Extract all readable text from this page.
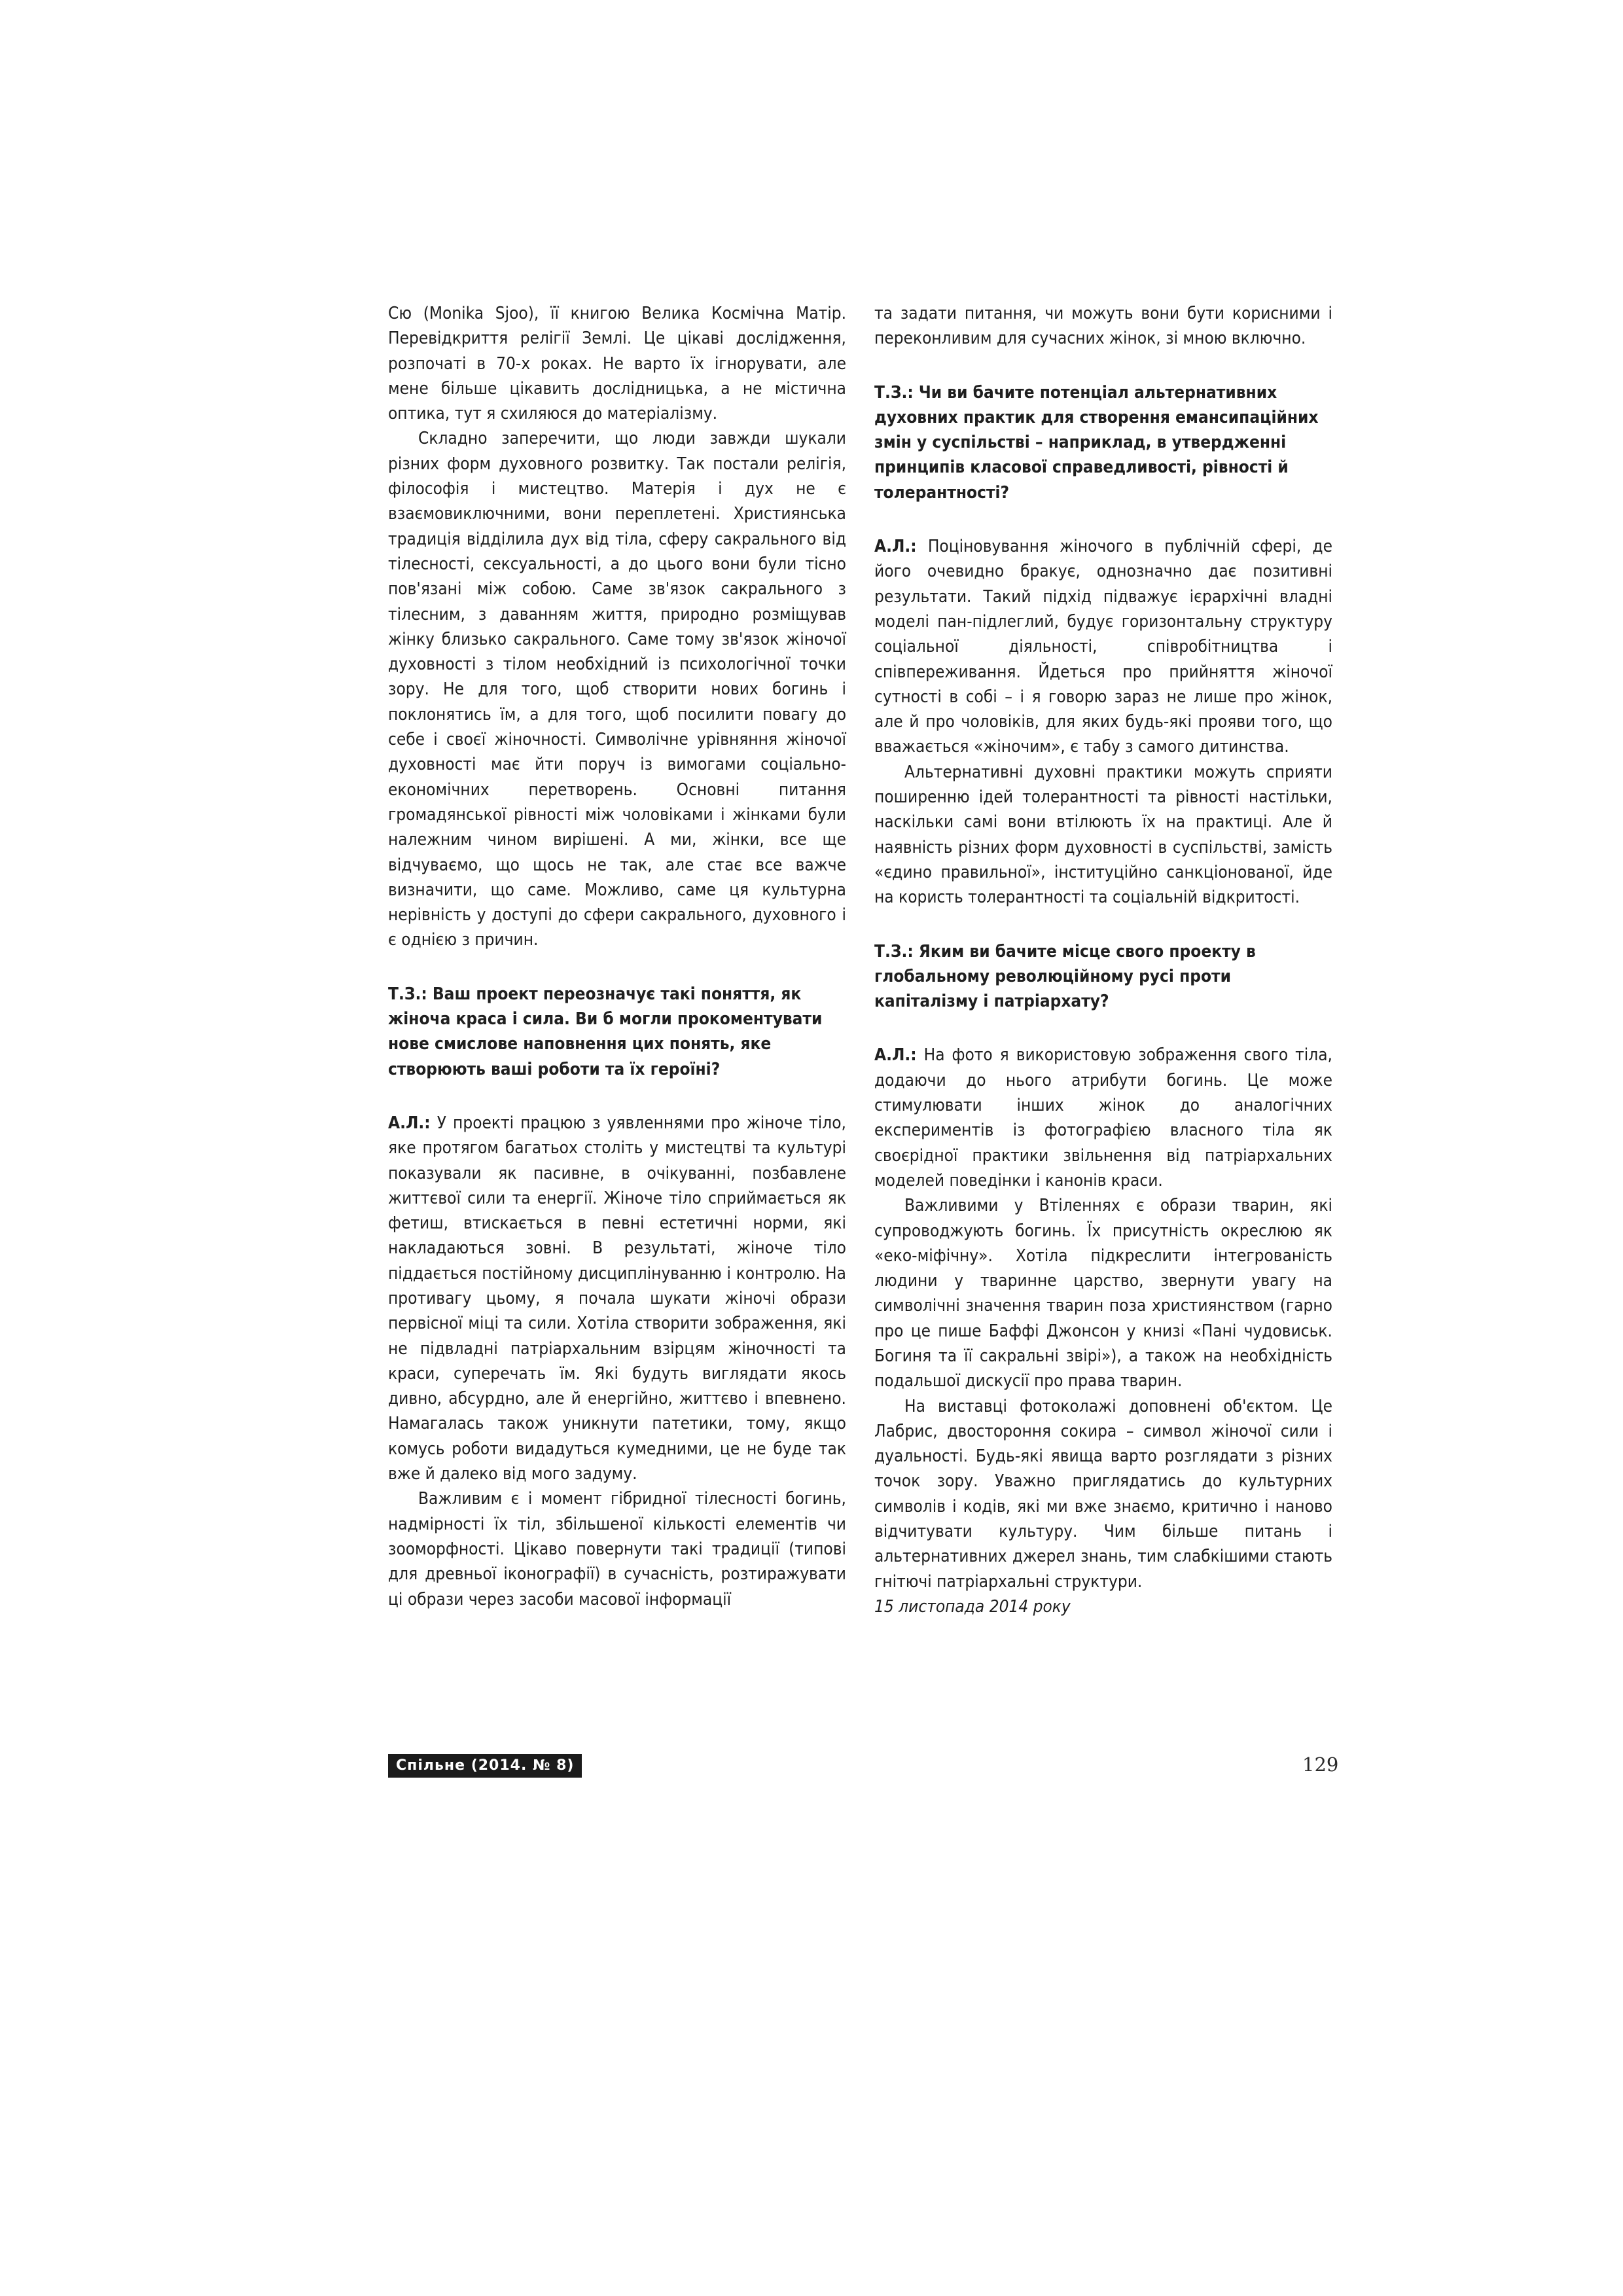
Сю (Monika Sjoo), її книгою Велика Космічна Матір. Перевідкриття релігії Землі. Це цікаві дослідження, розпочаті в 70-х роках. Не варто їх ігнорувати, але мене більше цікавить дослідницька, а не містична оптика, тут я схиляюся до матеріалізму.

Складно заперечити, що люди завжди шукали різних форм духовного розвитку. Так постали релігія, філософія і мистецтво. Матерія і дух не є взаємовиключними, вони переплетені. Християнська традиція відділила дух від тіла, сферу сакрального від тілесності, сексуальності, а до цього вони були тісно пов'язані між собою. Саме зв'язок сакрального з тілесним, з даванням життя, природно розміщував жінку близько сакрального. Саме тому зв'язок жіночої духовності з тілом необхідний із психологічної точки зору. Не для того, щоб створити нових богинь і поклонятись їм, а для того, щоб посилити повагу до себе і своєї жіночності. Символічне урівняння жіночої духовності має йти поруч із вимогами соціально-економічних перетворень. Основні питання громадянської рівності між чоловіками і жінками були належним чином вирішені. А ми, жінки, все ще відчуваємо, що щось не так, але стає все важче визначити, що саме. Можливо, саме ця культурна нерівність у доступі до сфери сакрального, духовного і є однією з причин.

Т.З.: Ваш проект переозначує такі поняття, як жіноча краса і сила. Ви б могли прокоментувати нове смислове наповнення цих понять, яке створюють ваші роботи та їх героїні?

А.Л.: У проекті працюю з уявленнями про жіноче тіло, яке протягом багатьох століть у мистецтві та культурі показували як пасивне, в очікуванні, позбавлене життєвої сили та енергії. Жіноче тіло сприймається як фетиш, втискається в певні естетичні норми, які накладаються зовні. В результаті, жіноче тіло піддається постійному дисциплінуванню і контролю. На противагу цьому, я почала шукати жіночі образи первісної міці та сили. Хотіла створити зображення, які не підвладні патріархальним взірцям жіночності та краси, суперечать їм. Які будуть виглядати якось дивно, абсурдно, але й енергійно, життєво і впевнено. Намагалась також уникнути патетики, тому, якщо комусь роботи видадуться кумедними, це не буде так вже й далеко від мого задуму.

Важливим є і момент гібридної тілесності богинь, надмірності їх тіл, збільшеної кількості елементів чи зооморфності. Цікаво повернути такі традиції (типові для древньої іконографії) в сучасність, розтиражувати ці образи через засоби масової інформації

та задати питання, чи можуть вони бути корисними і переконливим для сучасних жінок, зі мною включно.

Т.З.: Чи ви бачите потенціал альтернативних духовних практик для створення емансипаційних змін у суспільстві – наприклад, в утвердженні принципів класової справедливості, рівності й толерантності?

А.Л.: Поціновування жіночого в публічній сфері, де його очевидно бракує, однозначно дає позитивні результати. Такий підхід підважує ієрархічні владні моделі пан-підлеглий, будує горизонтальну структуру соціальної діяльності, співробітництва і співпереживання. Йдеться про прийняття жіночої сутності в собі – і я говорю зараз не лише про жінок, але й про чоловіків, для яких будь-які прояви того, що вважається «жіночим», є табу з самого дитинства.

Альтернативні духовні практики можуть сприяти поширенню ідей толерантності та рівності настільки, наскільки самі вони втілюють їх на практиці. Але й наявність різних форм духовності в суспільстві, замість «єдино правильної», інституційно санкціонованої, йде на користь толерантності та соціальній відкритості.

Т.З.: Яким ви бачите місце свого проекту в глобальному революційному русі проти капіталізму і патріархату?

А.Л.: На фото я використовую зображення свого тіла, додаючи до нього атрибути богинь. Це може стимулювати інших жінок до аналогічних експериментів із фотографією власного тіла як своєрідної практики звільнення від патріархальних моделей поведінки і канонів краси.

Важливими у Втіленнях є образи тварин, які супроводжують богинь. Їх присутність окреслюю як «еко-міфічну». Хотіла підкреслити інтегрованість людини у тваринне царство, звернути увагу на символічні значення тварин поза християнством (гарно про це пише Баффі Джонсон у книзі «Пані чудовиськ. Богиня та її сакральні звірі»), а також на необхідність подальшої дискусії про права тварин.

На виставці фотоколажі доповнені об'єктом. Це Лабрис, двостороння сокира – символ жіночої сили і дуальності. Будь-які явища варто розглядати з різних точок зору. Уважно приглядатись до культурних символів і кодів, які ми вже знаємо, критично і наново відчитувати культуру. Чим більше питань і альтернативних джерел знань, тим слабкішими стають гнітючі патріархальні структури.

15 листопада 2014 року

Спільне (2014. № 8)	129
